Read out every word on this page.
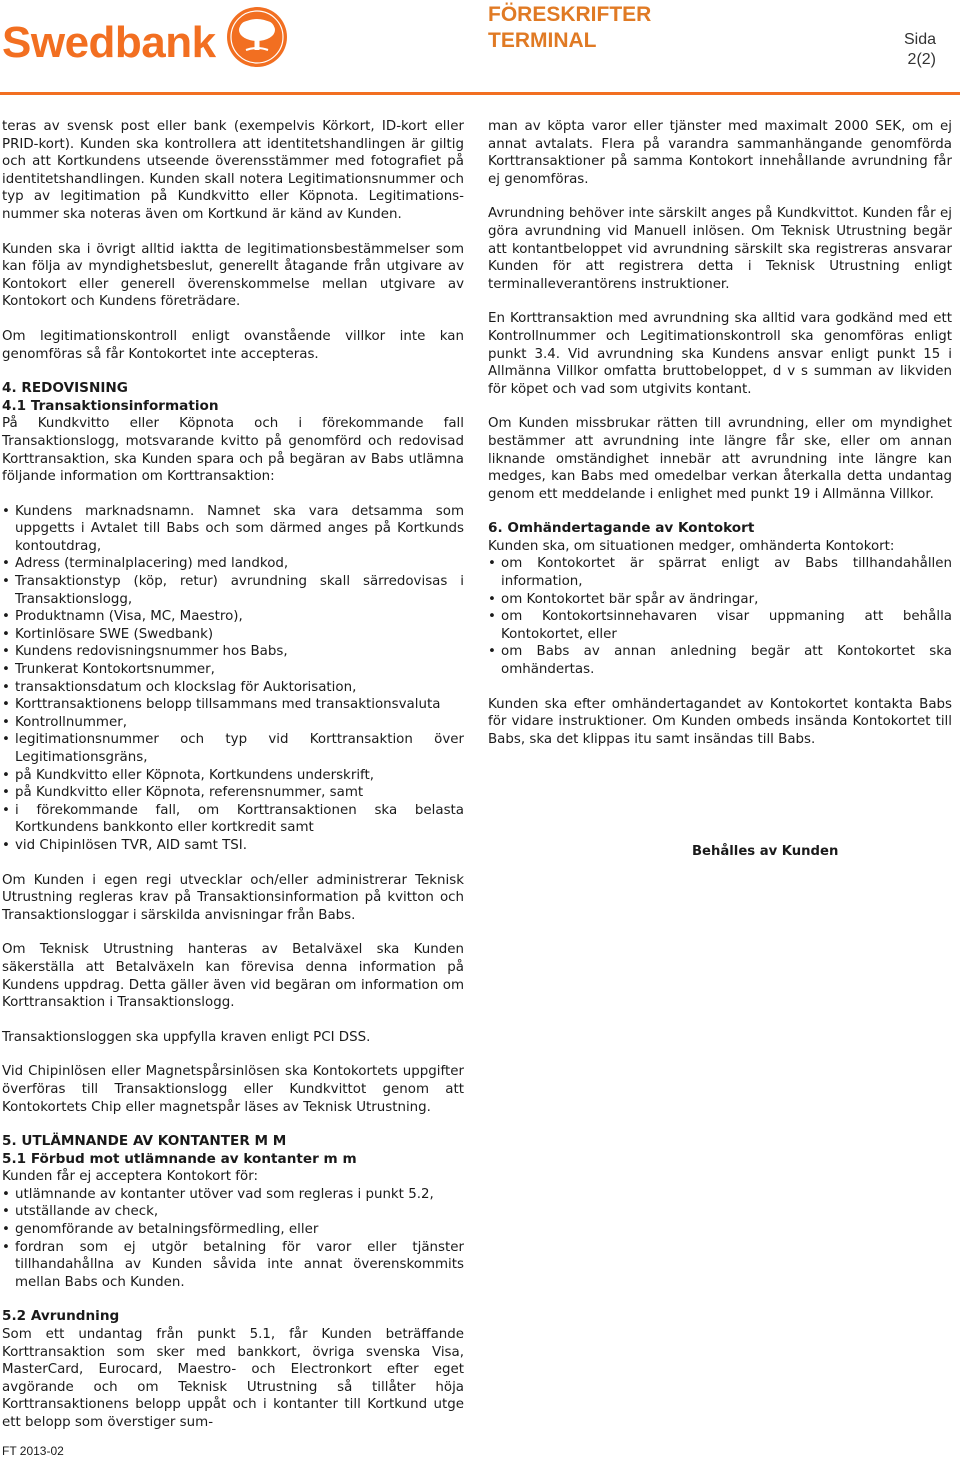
Swedbank
FÖRESKRIFTER
TERMINAL	Sida
2(2)

teras av svensk post eller bank (exempelvis Körkort, ID-kort eller PRID-kort). Kunden ska kontrollera att identitetshandlingen är giltig och att Kortkundens utseende överensstämmer med fotografiet på identitetshandlingen. Kunden skall notera Legitimationsnummer och typ av legitimation på Kundkvitto eller Köpnota. Legitimationsnummer ska noteras även om Kortkund är känd av Kunden.

Kunden ska i övrigt alltid iaktta de legitimationsbestämmelser som kan följa av myndighetsbeslut, generellt åtagande från utgivare av Kontokort eller generell överenskommelse mellan utgivare av Kontokort och Kundens företrädare.

Om legitimationskontroll enligt ovanstående villkor inte kan genomföras så får Kontokortet inte accepteras.

4. REDOVISNING
4.1 Transaktionsinformation

På Kundkvitto eller Köpnota och i förekommande fall Transaktionslogg, motsvarande kvitto på genomförd och redovisad Korttransaktion, ska Kunden spara och på begäran av Babs utlämna följande information om Korttransaktion:

• Kundens marknadsnamn. Namnet ska vara detsamma som uppgetts i Avtalet till Babs och som därmed anges på Kortkunds kontoutdrag,
• Adress (terminalplacering) med landkod,
• Transaktionstyp (köp, retur) avrundning skall särredovisas i Transaktionslogg,
• Produktnamn (Visa, MC, Maestro),
• Kortinlösare SWE (Swedbank)
• Kundens redovisningsnummer hos Babs,
• Trunkerat Kontokortsnummer,
• transaktionsdatum och klockslag för Auktorisation,
• Korttransaktionens belopp tillsammans med transaktionsvaluta
• Kontrollnummer,
• legitimationsnummer och typ vid Korttransaktion över Legitimationsgräns,
• på Kundkvitto eller Köpnota, Kortkundens underskrift,
• på Kundkvitto eller Köpnota, referensnummer, samt
• i förekommande fall, om Korttransaktionen ska belasta Kortkundens bankkonto eller kortkredit samt
• vid Chipinlösen TVR, AID samt TSI.

Om Kunden i egen regi utvecklar och/eller administrerar Teknisk Utrustning regleras krav på Transaktionsinformation på kvitton och Transaktionsloggar i särskilda anvisningar från Babs.

Om Teknisk Utrustning hanteras av Betalväxel ska Kunden säkerställa att Betalväxeln kan förevisa denna information på Kundens uppdrag. Detta gäller även vid begäran om information om Korttransaktion i Transaktionslogg.

Transaktionsloggen ska uppfylla kraven enligt PCI DSS.

Vid Chipinlösen eller Magnetspårsinlösen ska Kontokortets uppgifter överföras till Transaktionslogg eller Kundkvittot genom att Kontokortets Chip eller magnetspår läses av Teknisk Utrustning.

5. UTLÄMNANDE AV KONTANTER M M
5.1 Förbud mot utlämnande av kontanter m m

Kunden får ej acceptera Kontokort för:

• utlämnande av kontanter utöver vad som regleras i punkt 5.2,
• utställande av check,
• genomförande av betalningsförmedling, eller
• fordran som ej utgör betalning för varor eller tjänster tillhandahållna av Kunden såvida inte annat överenskommits mellan Babs och Kunden.
5.2 Avrundning

Som ett undantag från punkt 5.1, får Kunden beträffande Korttransaktion som sker med bankkort, övriga svenska Visa, MasterCard, Eurocard, Maestro- och Electronkort efter eget avgörande och om Teknisk Utrustning så tillåter höja Korttransaktionens belopp uppåt och i kontanter till Kortkund utge ett belopp som överstiger sum-

man av köpta varor eller tjänster med maximalt 2000 SEK, om ej annat avtalats. Flera på varandra sammanhängande genomförda Korttransaktioner på samma Kontokort innehållande avrundning får ej genomföras.

Avrundning behöver inte särskilt anges på Kundkvittot. Kunden får ej göra avrundning vid Manuell inlösen. Om Teknisk Utrustning begär att kontantbeloppet vid avrundning särskilt ska registreras ansvarar Kunden för att registrera detta i Teknisk Utrustning enligt terminalleverantörens instruktioner.

En Korttransaktion med avrundning ska alltid vara godkänd med ett Kontrollnummer och Legitimationskontroll ska genomföras enligt punkt 3.4. Vid avrundning ska Kundens ansvar enligt punkt 15 i Allmänna Villkor omfatta bruttobeloppet, d v s summan av likviden för köpet och vad som utgivits kontant.

Om Kunden missbrukar rätten till avrundning, eller om myndighet bestämmer att avrundning inte längre får ske, eller om annan liknande omständighet innebär att avrundning inte längre kan medges, kan Babs med omedelbar verkan återkalla detta undantag genom ett meddelande i enlighet med punkt 19 i Allmänna Villkor.

6. Omhändertagande av Kontokort

Kunden ska, om situationen medger, omhänderta Kontokort:

• om Kontokortet är spärrat enligt av Babs tillhandahållen information,
• om Kontokortet bär spår av ändringar,
• om Kontokortsinnehavaren visar uppmaning att behålla Kontokortet, eller
• om Babs av annan anledning begär att Kontokortet ska omhändertas.

Kunden ska efter omhändertagandet av Kontokortet kontakta Babs för vidare instruktioner. Om Kunden ombeds insända Kontokortet till Babs, ska det klippas itu samt insändas till Babs.

Behålles av Kunden
FT 2013-02
